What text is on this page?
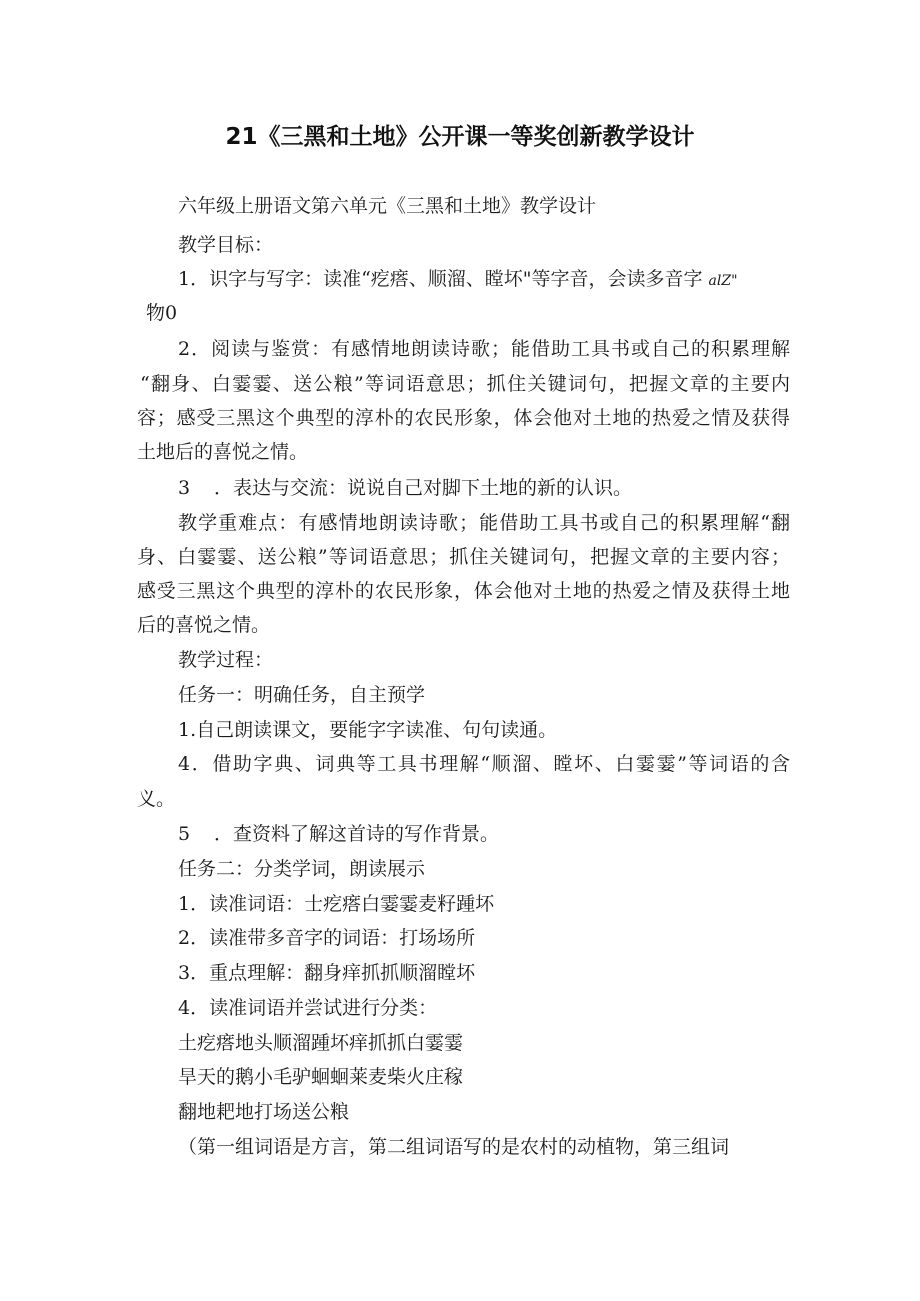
21《三黑和土地》公开课一等奖创新教学设计
六年级上册语文第六单元《三黑和土地》教学设计
教学目标：
1．识字与写字：读准“疙瘩、顺溜、瞠坏"等字音，会读多音字 alZ"
物0
2．阅读与鉴赏：有感情地朗读诗歌；能借助工具书或自己的积累理解
“翻身、白霎霎、送公粮”等词语意思；抓住关键词句，把握文章的主要内
容；感受三黑这个典型的淳朴的农民形象，体会他对土地的热爱之情及获得
土地后的喜悦之情。
3 ．表达与交流：说说自己对脚下土地的新的认识。
教学重难点：有感情地朗读诗歌；能借助工具书或自己的积累理解“翻
身、白霎霎、送公粮”等词语意思；抓住关键词句，把握文章的主要内容；
感受三黑这个典型的淳朴的农民形象，体会他对土地的热爱之情及获得土地
后的喜悦之情。
教学过程：
任务一：明确任务，自主预学
1.自己朗读课文，要能字字读准、句句读通。
4．借助字典、词典等工具书理解“顺溜、瞠坏、白霎霎”等词语的含
义。
5 ．查资料了解这首诗的写作背景。
任务二：分类学词，朗读展示
1．读准词语：士疙瘩白霎霎麦籽踵坏
2．读准带多音字的词语：打场场所
3．重点理解：翻身痒抓抓顺溜瞠坏
4．读准词语并尝试进行分类：
土疙瘩地头顺溜踵坏痒抓抓白霎霎
旱天的鹅小毛驴蛔蛔莱麦柴火庄稼
翻地耙地打场送公粮
（第一组词语是方言，第二组词语写的是农村的动植物，第三组词
